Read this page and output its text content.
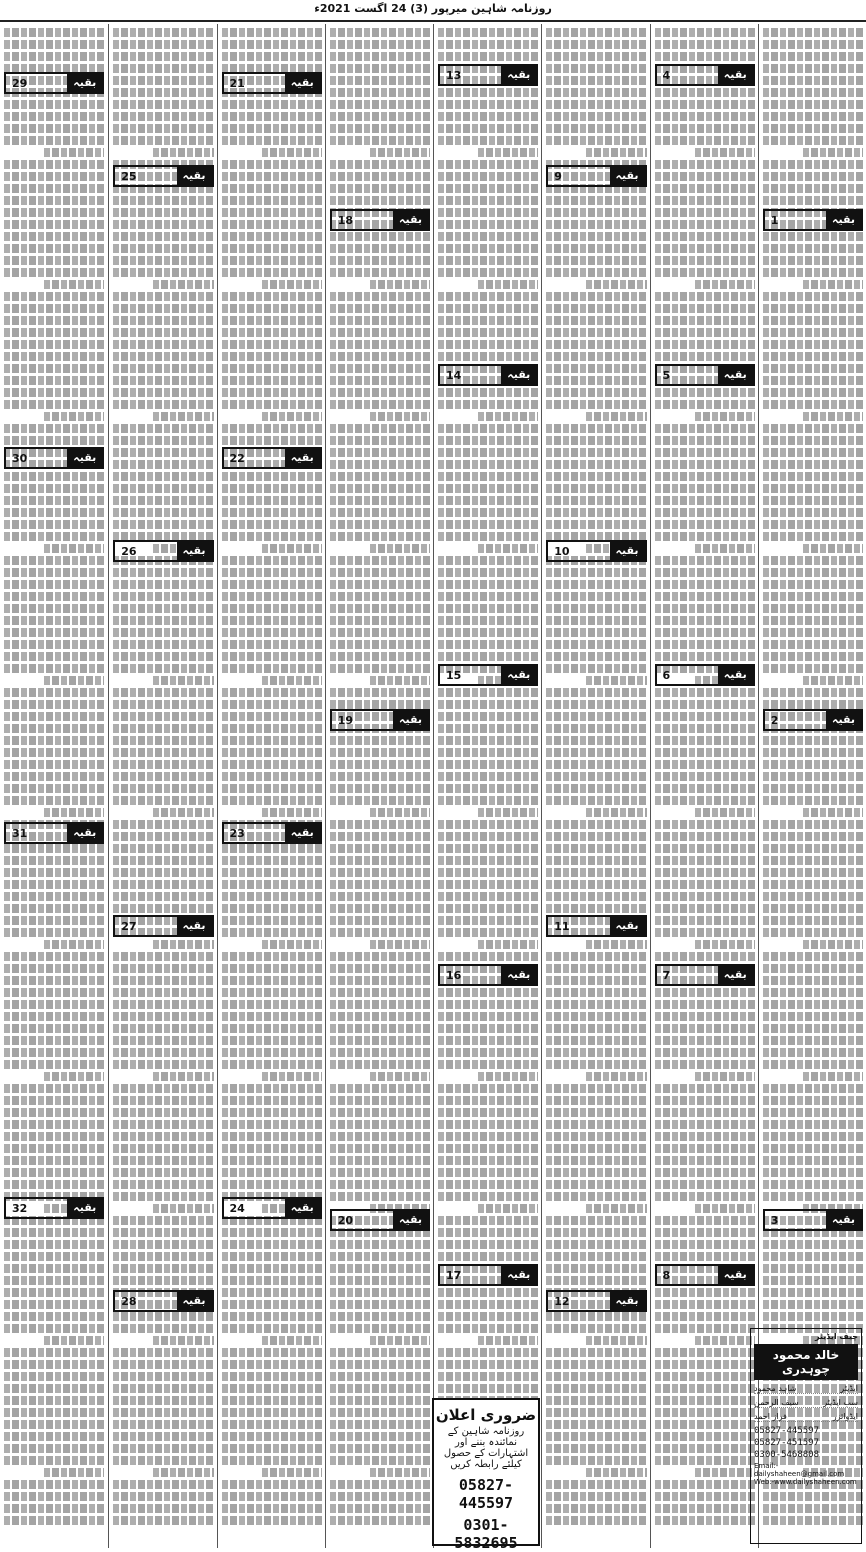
روزنامہ شاہین میرپور (3) 24 اگست 2021ء
بقیہ
29
بقیہ
30
بقیہ
31
بقیہ
32
بقیہ
25
بقیہ
26
بقیہ
27
بقیہ
28
بقیہ
21
بقیہ
22
بقیہ
23
بقیہ
24
بقیہ
18
بقیہ
19
بقیہ
20
بقیہ
13
بقیہ
14
بقیہ
15
بقیہ
16
بقیہ
17
بقیہ
9
بقیہ
10
بقیہ
11
بقیہ
12
بقیہ
4
بقیہ
5
بقیہ
6
بقیہ
7
بقیہ
8
بقیہ
1
بقیہ
2
بقیہ
3
ضروری اعلان
روزنامہ شاہین کے نمائندہ بننے اور اشتہارات کے حصول کیلئے رابطہ کریں
05827-445597
0301-5832695
چیف ایڈیٹر
خالد محمود چوہدری
ایڈیٹر
شاہد محمود
سب ایڈیٹر
سیف الرحمن
ایڈوائزر
فراز احمد
05827-445597
05827-451597
0300-5468808
Email:-dailyshaheen@gmail.com
Web:-www.dailyshaheen.com
